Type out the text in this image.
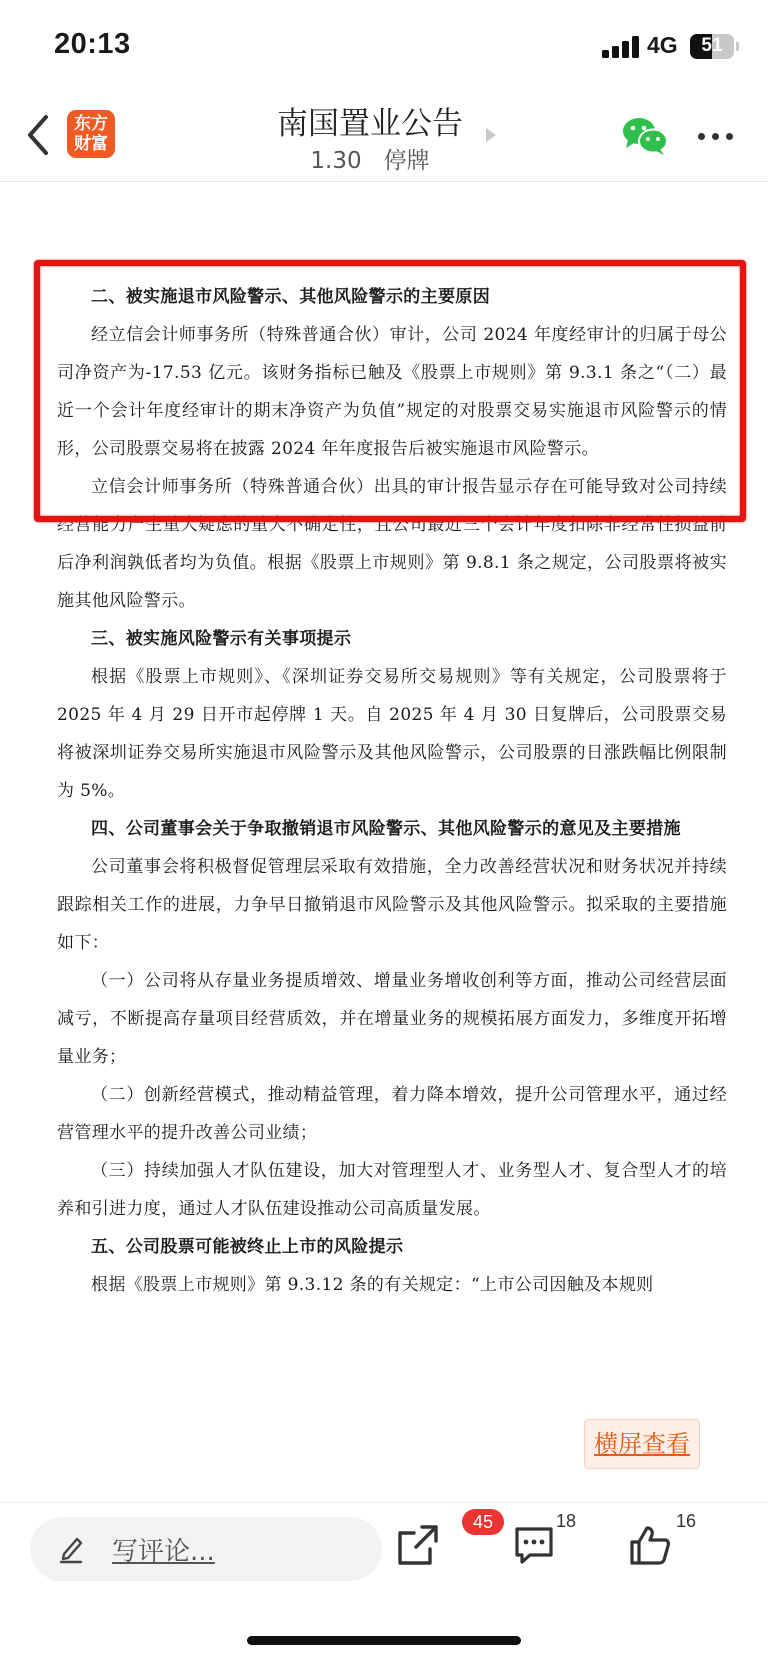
20:13	4G	51
东方
财富
南国置业公告
1.30 停牌

二、被实施退市风险警示、其他风险警示的主要原因

经立信会计师事务所（特殊普通合伙）审计，公司 2024 年度经审计的归属于母公司净资产为-17.53 亿元。该财务指标已触及《股票上市规则》第 9.3.1 条之“（二）最近一个会计年度经审计的期末净资产为负值”规定的对股票交易实施退市风险警示的情形，公司股票交易将在披露 2024 年年度报告后被实施退市风险警示。

立信会计师事务所（特殊普通合伙）出具的审计报告显示存在可能导致对公司持续经营能力产生重大疑虑的重大不确定性，且公司最近三个会计年度扣除非经常性损益前后净利润孰低者均为负值。根据《股票上市规则》第 9.8.1 条之规定，公司股票将被实施其他风险警示。

三、被实施风险警示有关事项提示

根据《股票上市规则》、《深圳证券交易所交易规则》等有关规定，公司股票将于 2025 年 4 月 29 日开市起停牌 1 天。自 2025 年 4 月 30 日复牌后，公司股票交易将被深圳证券交易所实施退市风险警示及其他风险警示，公司股票的日涨跌幅比例限制为 5%。

四、公司董事会关于争取撤销退市风险警示、其他风险警示的意见及主要措施

公司董事会将积极督促管理层采取有效措施，全力改善经营状况和财务状况并持续跟踪相关工作的进展，力争早日撤销退市风险警示及其他风险警示。拟采取的主要措施如下：

（一）公司将从存量业务提质增效、增量业务增收创利等方面，推动公司经营层面减亏，不断提高存量项目经营质效，并在增量业务的规模拓展方面发力，多维度开拓增量业务；

（二）创新经营模式，推动精益管理，着力降本增效，提升公司管理水平，通过经营管理水平的提升改善公司业绩；

（三）持续加强人才队伍建设，加大对管理型人才、业务型人才、复合型人才的培养和引进力度，通过人才队伍建设推动公司高质量发展。

五、公司股票可能被终止上市的风险提示

根据《股票上市规则》第 9.3.12 条的有关规定：“上市公司因触及本规则

横屏查看
写评论...
45	18	16
